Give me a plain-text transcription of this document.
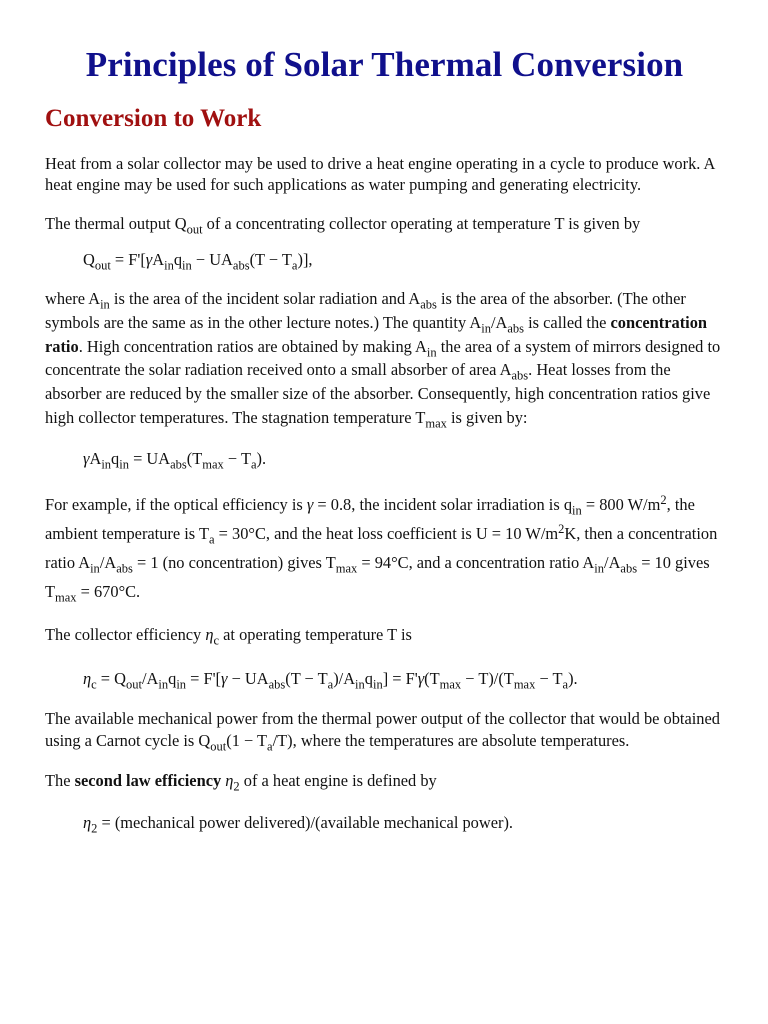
Principles of Solar Thermal Conversion
Conversion to Work

Heat from a solar collector may be used to drive a heat engine operating in a cycle to produce work. A heat engine may be used for such applications as water pumping and generating electricity.

The thermal output $Q_{out}$ of a concentrating collector operating at temperature T is given by

$Q_{out} = F'[\gamma A_{in}q_{in} - UA_{abs}(T - T_a)]$,

where $A_{in}$ is the area of the incident solar radiation and $A_{abs}$ is the area of the absorber. (The other symbols are the same as in the other lecture notes.) The quantity $A_{in}/A_{abs}$ is called the concentration ratio. High concentration ratios are obtained by making $A_{in}$ the area of a system of mirrors designed to concentrate the solar radiation received onto a small absorber of area $A_{abs}$. Heat losses from the absorber are reduced by the smaller size of the absorber. Consequently, high concentration ratios give high collector temperatures. The stagnation temperature $T_{max}$ is given by:

$\gamma A_{in}q_{in} = UA_{abs}(T_{max} - T_a)$.

For example, if the optical efficiency is γ = 0.8, the incident solar irradiation is $q_{in} = 800$ $W/m^2$, the ambient temperature is $T_a = 30^\circ C$, and the heat loss coefficient is U = 10 $W/m^2K$, then a concentration ratio $A_{in}/A_{abs} = 1$ (no concentration) gives $T_{max} = 94^\circ C$, and a concentration ratio $A_{in}/A_{abs} = 10$ gives $T_{max} = 670^\circ C$.

The collector efficiency $\eta_c$ at operating temperature T is

$\eta_c = Q_{out}/A_{in}q_{in} = F'[\gamma - UA_{abs}(T - T_a)/A_{in}q_{in}] = F'\gamma(T_{max} - T)/(T_{max} - T_a)$.

The available mechanical power from the thermal power output of the collector that would be obtained using a Carnot cycle is $Q_{out}(1 - T_a/T)$, where the temperatures are absolute temperatures.

The second law efficiency $\eta_2$ of a heat engine is defined by

$\eta_2$ = (mechanical power delivered)/(available mechanical power).
